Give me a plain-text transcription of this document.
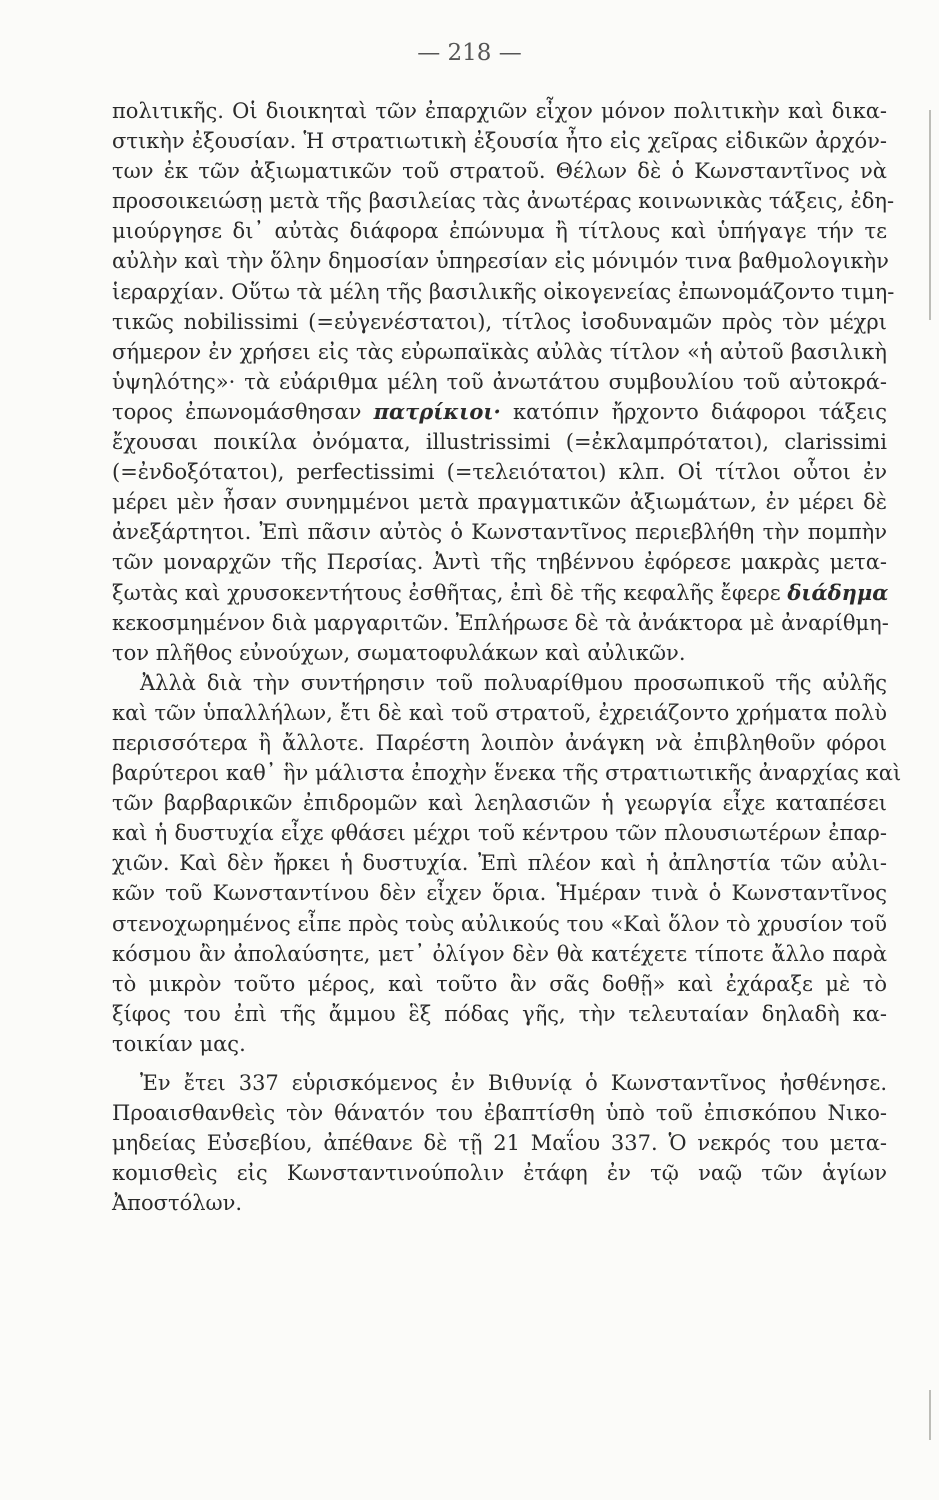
— 218 —
πολιτικῆς. Οἱ διοικηταὶ τῶν ἐπαρχιῶν εἶχον μόνον πολιτικὴν καὶ δικα-
στικὴν ἐξουσίαν. Ἡ στρατιωτικὴ ἐξουσία ἦτο εἰς χεῖρας εἰδικῶν ἀρχόν-
των ἐκ τῶν ἀξιωματικῶν τοῦ στρατοῦ. Θέλων δὲ ὁ Κωνσταντῖνος νὰ
προσοικειώσῃ μετὰ τῆς βασιλείας τὰς ἀνωτέρας κοινωνικὰς τάξεις, ἐδη-
μιούργησε δι᾽ αὐτὰς διάφορα ἐπώνυμα ἢ τίτλους καὶ ὑπήγαγε τήν τε
αὐλὴν καὶ τὴν ὅλην δημοσίαν ὑπηρεσίαν εἰς μόνιμόν τινα βαθμολογικὴν
ἱεραρχίαν. Οὕτω τὰ μέλη τῆς βασιλικῆς οἰκογενείας ἐπωνομάζοντο τιμη-
τικῶς nobilissimi (=εὐγενέστατοι), τίτλος ἰσοδυναμῶν πρὸς τὸν μέχρι
σήμερον ἐν χρήσει εἰς τὰς εὐρωπαϊκὰς αὐλὰς τίτλον «ἡ αὐτοῦ βασιλικὴ
ὑψηλότης»· τὰ εὐάριθμα μέλη τοῦ ἀνωτάτου συμβουλίου τοῦ αὐτοκρά-
τορος ἐπωνομάσθησαν πατρίκιοι· κατόπιν ἤρχοντο διάφοροι τάξεις
ἔχουσαι ποικίλα ὀνόματα, illustrissimi (=ἐκλαμπρότατοι), clarissimi
(=ἐνδοξότατοι), perfectissimi (=τελειότατοι) κλπ. Οἱ τίτλοι οὗτοι ἐν
μέρει μὲν ἦσαν συνημμένοι μετὰ πραγματικῶν ἀξιωμάτων, ἐν μέρει δὲ
ἀνεξάρτητοι. Ἐπὶ πᾶσιν αὐτὸς ὁ Κωνσταντῖνος περιεβλήθη τὴν πομπὴν
τῶν μοναρχῶν τῆς Περσίας. Ἀντὶ τῆς τηβέννου ἐφόρεσε μακρὰς μετα-
ξωτὰς καὶ χρυσοκεντήτους ἐσθῆτας, ἐπὶ δὲ τῆς κεφαλῆς ἔφερε διάδημα
κεκοσμημένον διὰ μαργαριτῶν. Ἐπλήρωσε δὲ τὰ ἀνάκτορα μὲ ἀναρίθμη-
τον πλῆθος εὐνούχων, σωματοφυλάκων καὶ αὐλικῶν.
Ἀλλὰ διὰ τὴν συντήρησιν τοῦ πολυαρίθμου προσωπικοῦ τῆς αὐλῆς
καὶ τῶν ὑπαλλήλων, ἔτι δὲ καὶ τοῦ στρατοῦ, ἐχρειάζοντο χρήματα πολὺ
περισσότερα ἢ ἄλλοτε. Παρέστη λοιπὸν ἀνάγκη νὰ ἐπιβληθοῦν φόροι
βαρύτεροι καθ᾽ ἣν μάλιστα ἐποχὴν ἕνεκα τῆς στρατιωτικῆς ἀναρχίας καὶ
τῶν βαρβαρικῶν ἐπιδρομῶν καὶ λεηλασιῶν ἡ γεωργία εἶχε καταπέσει
καὶ ἡ δυστυχία εἶχε φθάσει μέχρι τοῦ κέντρου τῶν πλουσιωτέρων ἐπαρ-
χιῶν. Καὶ δὲν ἤρκει ἡ δυστυχία. Ἐπὶ πλέον καὶ ἡ ἀπληστία τῶν αὐλι-
κῶν τοῦ Κωνσταντίνου δὲν εἶχεν ὅρια. Ἡμέραν τινὰ ὁ Κωνσταντῖνος
στενοχωρημένος εἶπε πρὸς τοὺς αὐλικούς του «Καὶ ὅλον τὸ χρυσίον τοῦ
κόσμου ἂν ἀπολαύσητε, μετ᾽ ὀλίγον δὲν θὰ κατέχετε τίποτε ἄλλο παρὰ
τὸ μικρὸν τοῦτο μέρος, καὶ τοῦτο ἂν σᾶς δοθῇ» καὶ ἐχάραξε μὲ τὸ
ξίφος του ἐπὶ τῆς ἄμμου ἓξ πόδας γῆς, τὴν τελευταίαν δηλαδὴ κα-
τοικίαν μας.
Ἐν ἔτει 337 εὑρισκόμενος ἐν Βιθυνίᾳ ὁ Κωνσταντῖνος ἠσθένησε.
Προαισθανθεὶς τὸν θάνατόν του ἐβαπτίσθη ὑπὸ τοῦ ἐπισκόπου Νικο-
μηδείας Εὐσεβίου, ἀπέθανε δὲ τῇ 21 Μαΐου 337. Ὁ νεκρός του μετα-
κομισθεὶς εἰς Κωνσταντινούπολιν ἐτάφη ἐν τῷ ναῷ τῶν ἁγίων
Ἀποστόλων.
